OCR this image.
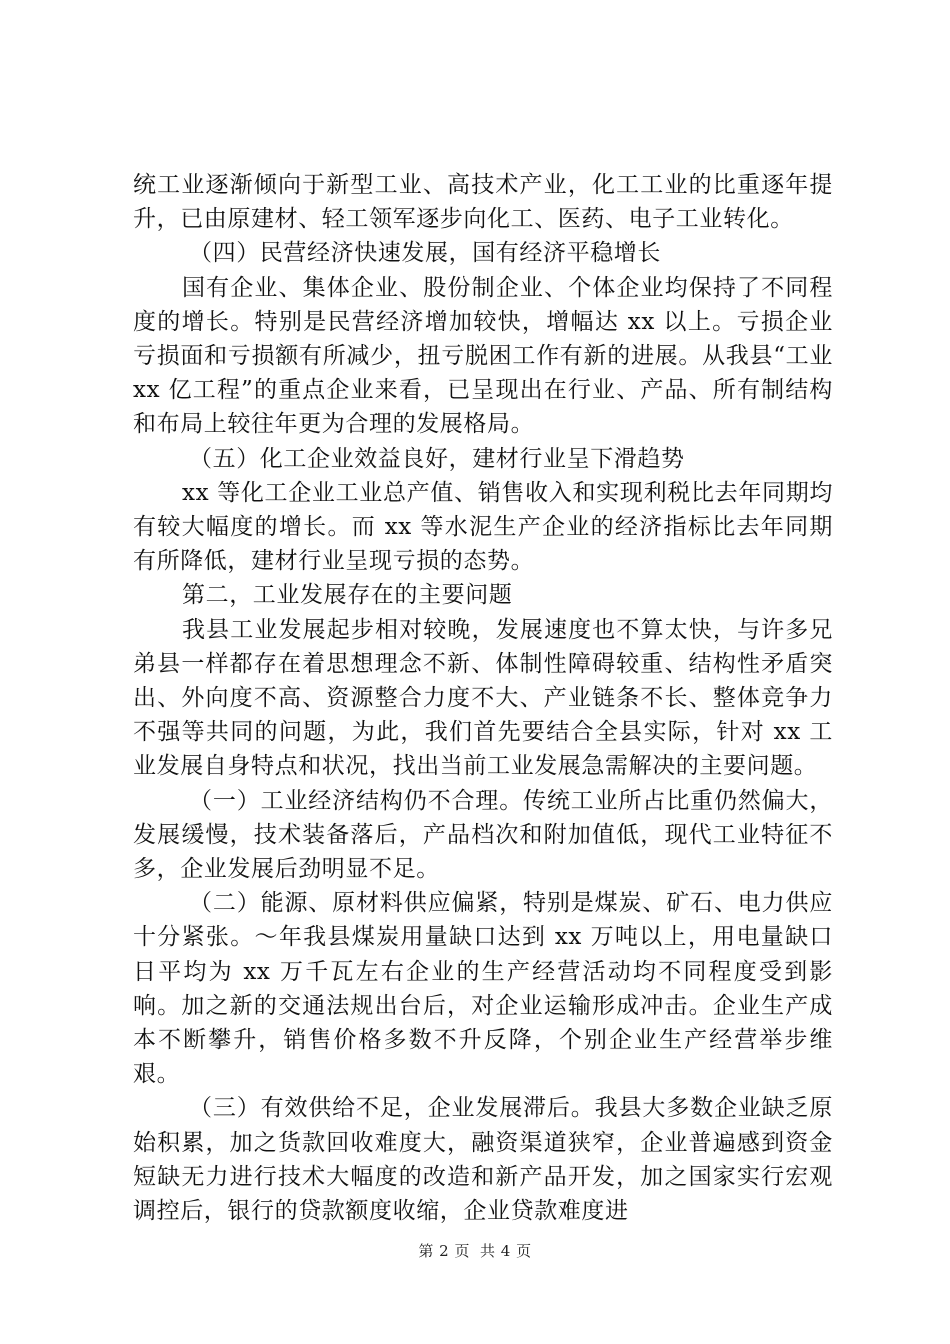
统工业逐渐倾向于新型工业、高技术产业，化工工业的比重逐年提升，已由原建材、轻工领军逐步向化工、医药、电子工业转化。

（四）民营经济快速发展，国有经济平稳增长

国有企业、集体企业、股份制企业、个体企业均保持了不同程度的增长。特别是民营经济增加较快，增幅达 xx 以上。亏损企业亏损面和亏损额有所减少，扭亏脱困工作有新的进展。从我县“工业 xx 亿工程”的重点企业来看，已呈现出在行业、产品、所有制结构和布局上较往年更为合理的发展格局。

（五）化工企业效益良好，建材行业呈下滑趋势

xx 等化工企业工业总产值、销售收入和实现利税比去年同期均有较大幅度的增长。而 xx 等水泥生产企业的经济指标比去年同期有所降低，建材行业呈现亏损的态势。

第二，工业发展存在的主要问题

我县工业发展起步相对较晚，发展速度也不算太快，与许多兄弟县一样都存在着思想理念不新、体制性障碍较重、结构性矛盾突出、外向度不高、资源整合力度不大、产业链条不长、整体竞争力不强等共同的问题，为此，我们首先要结合全县实际，针对 xx 工业发展自身特点和状况，找出当前工业发展急需解决的主要问题。

（一）工业经济结构仍不合理。传统工业所占比重仍然偏大，发展缓慢，技术装备落后，产品档次和附加值低，现代工业特征不多，企业发展后劲明显不足。

（二）能源、原材料供应偏紧，特别是煤炭、矿石、电力供应十分紧张。～年我县煤炭用量缺口达到 xx 万吨以上，用电量缺口日平均为 xx 万千瓦左右企业的生产经营活动均不同程度受到影响。加之新的交通法规出台后，对企业运输形成冲击。企业生产成本不断攀升，销售价格多数不升反降，个别企业生产经营举步维艰。

（三）有效供给不足，企业发展滞后。我县大多数企业缺乏原始积累，加之货款回收难度大，融资渠道狭窄，企业普遍感到资金短缺无力进行技术大幅度的改造和新产品开发，加之国家实行宏观调控后，银行的贷款额度收缩，企业贷款难度进

第 2 页 共 4 页
